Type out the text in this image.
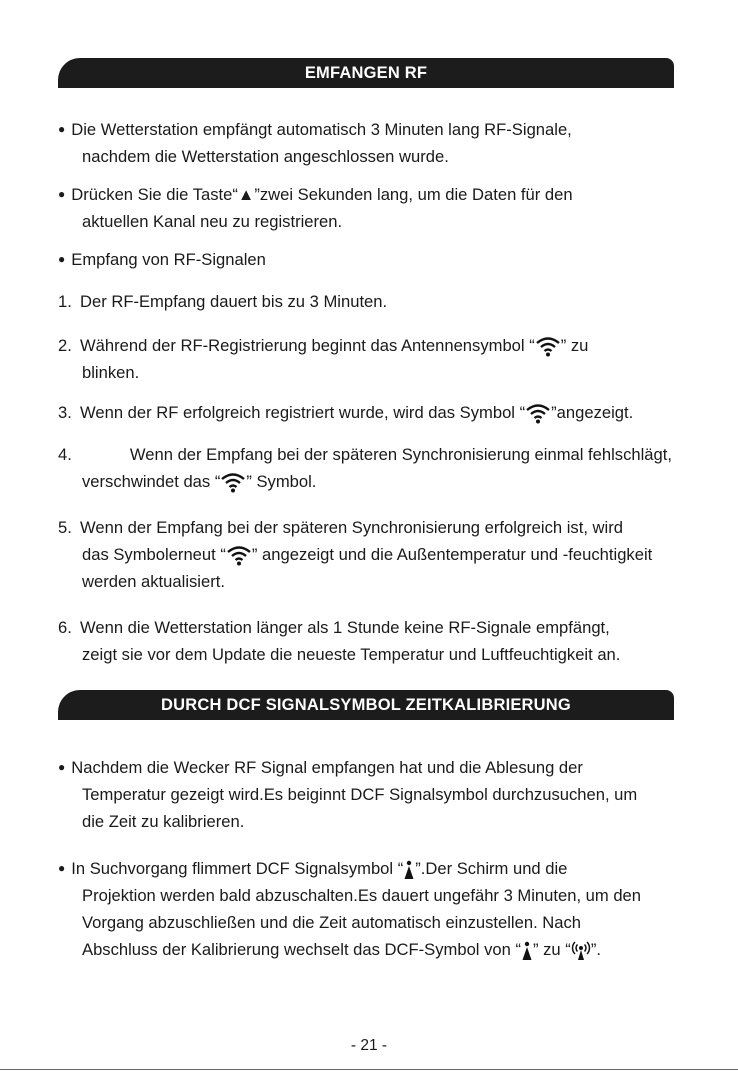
EMFANGEN RF
● Die Wetterstation empfängt automatisch 3 Minuten lang RF-Signale,
nachdem die Wetterstation angeschlossen wurde.
● Drücken Sie die Taste“▲”zwei Sekunden lang, um die Daten für den
aktuellen Kanal neu zu registrieren.
● Empfang von RF-Signalen
1. Der RF-Empfang dauert bis zu 3 Minuten.
2. Während der RF-Registrierung beginnt das Antennensymbol “ ” zu
blinken.
3. Wenn der RF erfolgreich registriert wurde, wird das Symbol “ ”angezeigt.
4.	Wenn der Empfang bei der späteren Synchronisierung einmal fehlschlägt,
verschwindet das “ ” Symbol.
5. Wenn der Empfang bei der späteren Synchronisierung erfolgreich ist, wird
das Symbolerneut “ ” angezeigt und die Außentemperatur und -feuchtigkeit
werden aktualisiert.
6. Wenn die Wetterstation länger als 1 Stunde keine RF-Signale empfängt,
zeigt sie vor dem Update die neueste Temperatur und Luftfeuchtigkeit an.
DURCH DCF SIGNALSYMBOL ZEITKALIBRIERUNG
● Nachdem die Wecker RF Signal empfangen hat und die Ablesung der
Temperatur gezeigt wird.Es beiginnt DCF Signalsymbol durchzusuchen, um
die Zeit zu kalibrieren.
● In Suchvorgang flimmert DCF Signalsymbol “ ”.Der Schirm und die
Projektion werden bald abzuschalten.Es dauert ungefähr 3 Minuten, um den
Vorgang abzuschließen und die Zeit automatisch einzustellen. Nach
Abschluss der Kalibrierung wechselt das DCF-Symbol von “ ” zu “ ”.
- 21 -
